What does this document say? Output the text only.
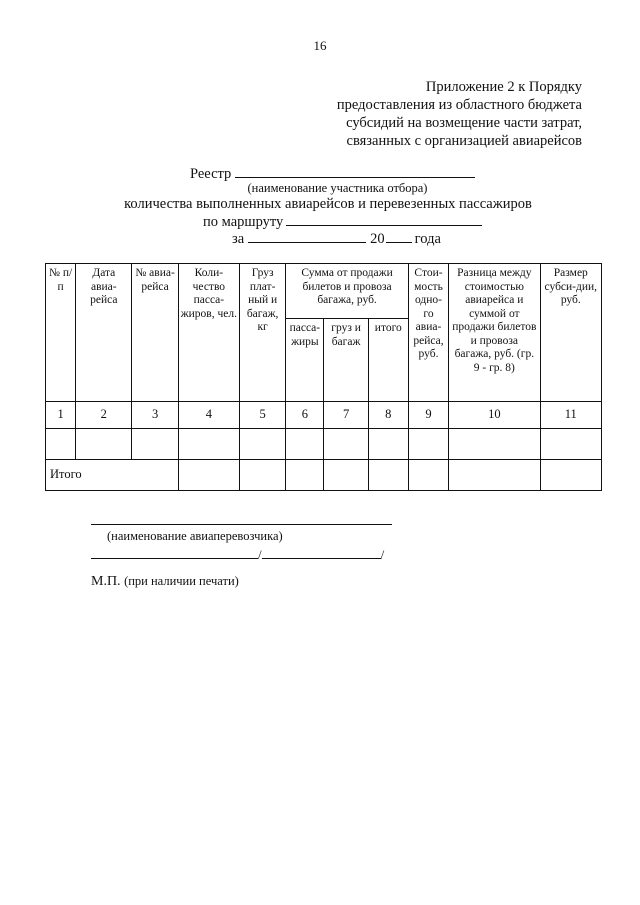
16
Приложение 2 к Порядку
предоставления из областного бюджета
субсидий на возмещение части затрат,
связанных с организацией авиарейсов
Реестр
(наименование участника отбора)
количества выполненных авиарейсов и перевезенных пассажиров
по маршруту
за	20 года
№ п/п	Дата авиа-рейса	№ авиа-рейса	Коли-чество пасса-жиров, чел.	Груз плат-ный и багаж, кг	Сумма от продажи билетов и провоза багажа, руб.			Стои-мость одно-го авиа-рейса, руб.	Разница между стоимостью авиарейса и суммой от продажи билетов и провоза багажа, руб. (гр. 9 - гр. 8)	Размер субси-дии, руб.
					пасса-жиры	груз и багаж	итого			
1	2	3	4	5	6	7	8	9	10	11

Итого										
(наименование авиаперевозчика)
/	/
М.П. (при наличии печати)
